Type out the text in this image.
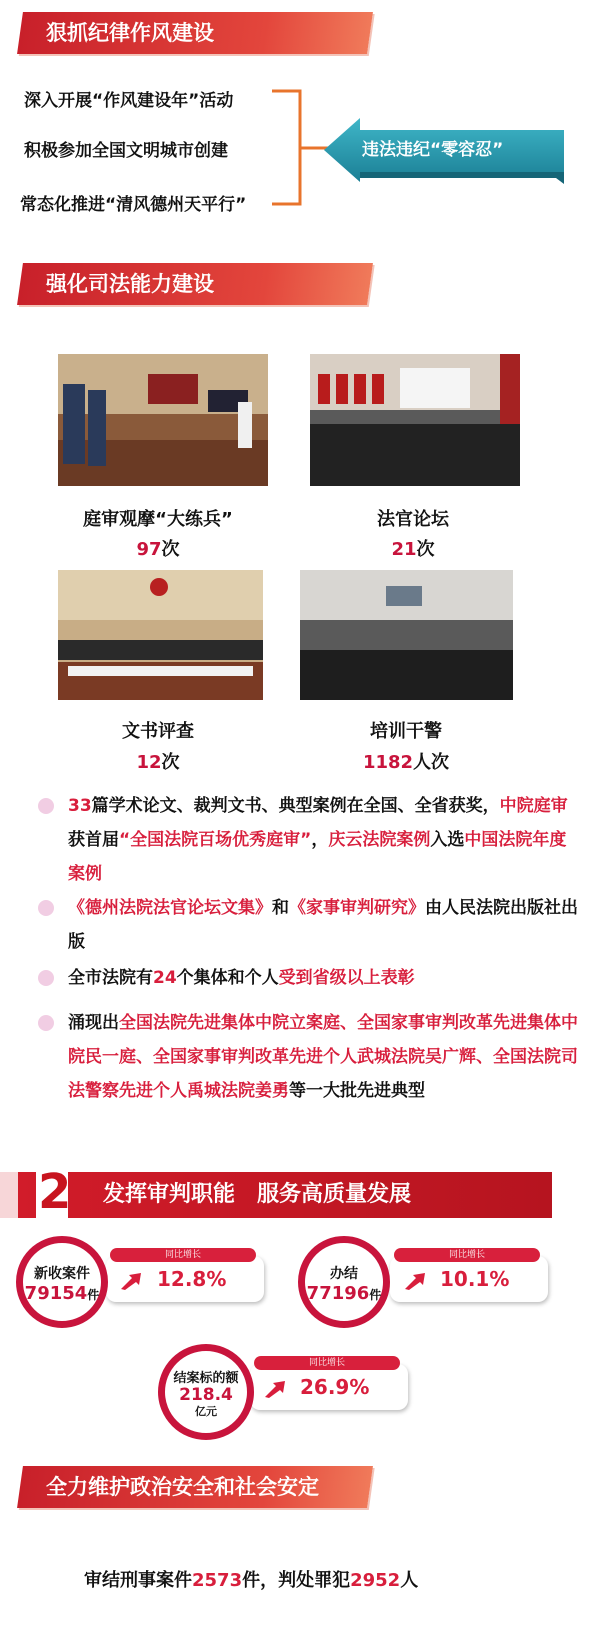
狠抓纪律作风建设
深入开展“作风建设年”活动
积极参加全国文明城市创建
常态化推进“清风德州天平行”
违法违纪“零容忍”
强化司法能力建设
庭审观摩“大练兵”
97次
法官论坛
21次
文书评查
12次
培训干警
1182人次
33篇学术论文、裁判文书、典型案例在全国、全省获奖，中院庭审获首届“全国法院百场优秀庭审”，庆云法院案例入选中国法院年度案例
《德州法院法官论坛文集》和《家事审判研究》由人民法院出版社出版
全市法院有24个集体和个人受到省级以上表彰
涌现出全国法院先进集体中院立案庭、全国家事审判改革先进集体中院民一庭、全国家事审判改革先进个人武城法院吴广辉、全国法院司法警察先进个人禹城法院姜勇等一大批先进典型
2 发挥审判职能　服务高质量发展
同比增长
12.8%
新收案件
79154件
同比增长
10.1%
办结
77196件
同比增长
26.9%
结案标的额
218.4
亿元
全力维护政治安全和社会安定
审结刑事案件2573件，判处罪犯2952人
